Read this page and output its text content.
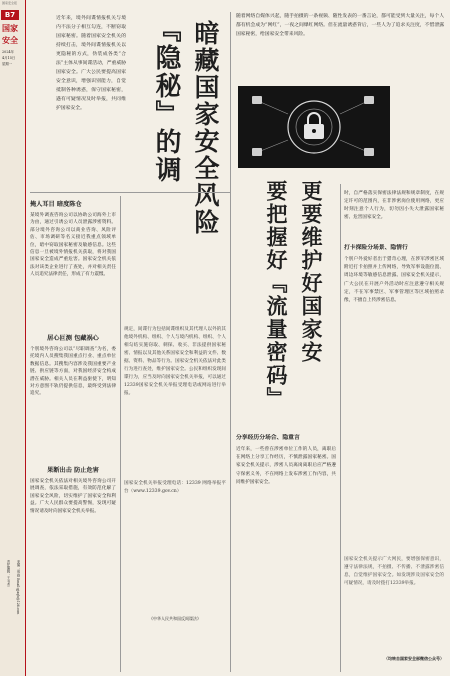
国家安全报
B7
国家
安全
2024年
4月15日
星期一
责任编辑：王 书杰	美编：周 群 Email:gjaqb@126.com
近年来，境外间谍情报机关与境内不法分子相互勾连，不断窃取国家秘密。随着国家安全机关的持续打击，境外间谍情报机关以更隐秘的方式，伪装成各类“合法”主体从事间谍活动，严重威胁国家安全。广大公民要提高国家安全意识，增强识别能力，自觉抵制各种诱惑，保守国家秘密，遇有可疑情况及时举报，共同维护国家安全。	暗藏国家安全风险
『隐秘』的调
掩人耳目 暗度陈仓
某境外调查咨询公司以协助公司海外上市为由，通过引诱公司人员泄露涉密资料。部分境外咨询公司以商业咨询、风险评估、市场调研等名义接近我重点领域单位，暗中窃取国家秘密及敏感信息。这些信息一旦被境外情报机关获取，将对我国国家安全造成严重危害。国家安全机关依法对该类企业进行了查处，并对相关责任人员追究法律责任，形成了有力震慑。
居心叵测 包藏祸心
个别境外咨询公司以“尽职调查”为名，委托境内人员搜集我国重点行业、重点单位数据信息。其搜集内容涉及我国重要产业链、供应链等方面，对我国经济安全构成潜在威胁。相关人员在利益驱使下，明知对方意图不轨仍提供信息，最终受到法律追究。
果断出击 防止危害
国家安全机关依法对相关境外咨询公司开展调查，依法采取措施，有效防范化解了国家安全风险，切实维护了国家安全和利益。广大人民群众要提高警惕，发现可疑情况请及时向国家安全机关举报。
规定，间谍行为包括间谍组织及其代理人以外的其他境外机构、组织、个人与境内机构、组织、个人相勾结实施窃取、刺探、收买、非法提供国家秘密、情报以及其他关系国家安全和利益的文件、数据、资料、物品等行为。国家安全机关依法对此类行为进行查处，维护国家安全。公民和组织发现间谍行为，应当及时向国家安全机关举报，可以通过12339国家安全机关举报受理电话或网站进行举报。
国家安全机关举报受理电话：12339 网络举报平台（www.12339.gov.cn）
《中华人民共和国反间谍法》
随着网络自媒体兴起，随手拍摄的一条视频、随性发表的一番言论，都可能受到大量关注，每个人都有机会成为“网红”，一夜之间爆红网络。但在流量诱惑背后，一些人为了追求关注度，不惜泄露国家秘密，给国家安全带来风险。
更要维护好国家安
要把握好『流量密码』	时，自严格落实保密法律法规和规章制度，在规定许可的范围内，在非涉密岗位使用网络，更应时刻注意个人行为，切勿因小失大泄露国家秘密、危害国家安全。
打卡探险分场景、隐情行
个别户外爱好者出于猎奇心理，在涉军涉密区域附近打卡拍照并上传网络，导致军事设施位置、周边环境等敏感信息泄露。国家安全机关提示，广大公民在开展户外活动时应注意遵守相关规定，不在军事禁区、军事管理区等区域拍照录像，不擅自上传涉密信息。
分享经历分场合、隐重言
近年来，一些曾在涉密单位工作的人员，离职后在网络上分享工作经历，不慎泄露国家秘密。国家安全机关提示，涉密人员离岗离职后应严格遵守保密义务，不在网络上发布涉密工作内容，共同维护国家安全。
国家安全机关提示广大网民，要增强保密意识，遵守法律法规，不拍摄、不传播、不泄露涉密信息，自觉维护国家安全。如发现涉及国家安全的可疑情况，请及时拨打12339举报。
（均转自国家安全部微信公众号）
